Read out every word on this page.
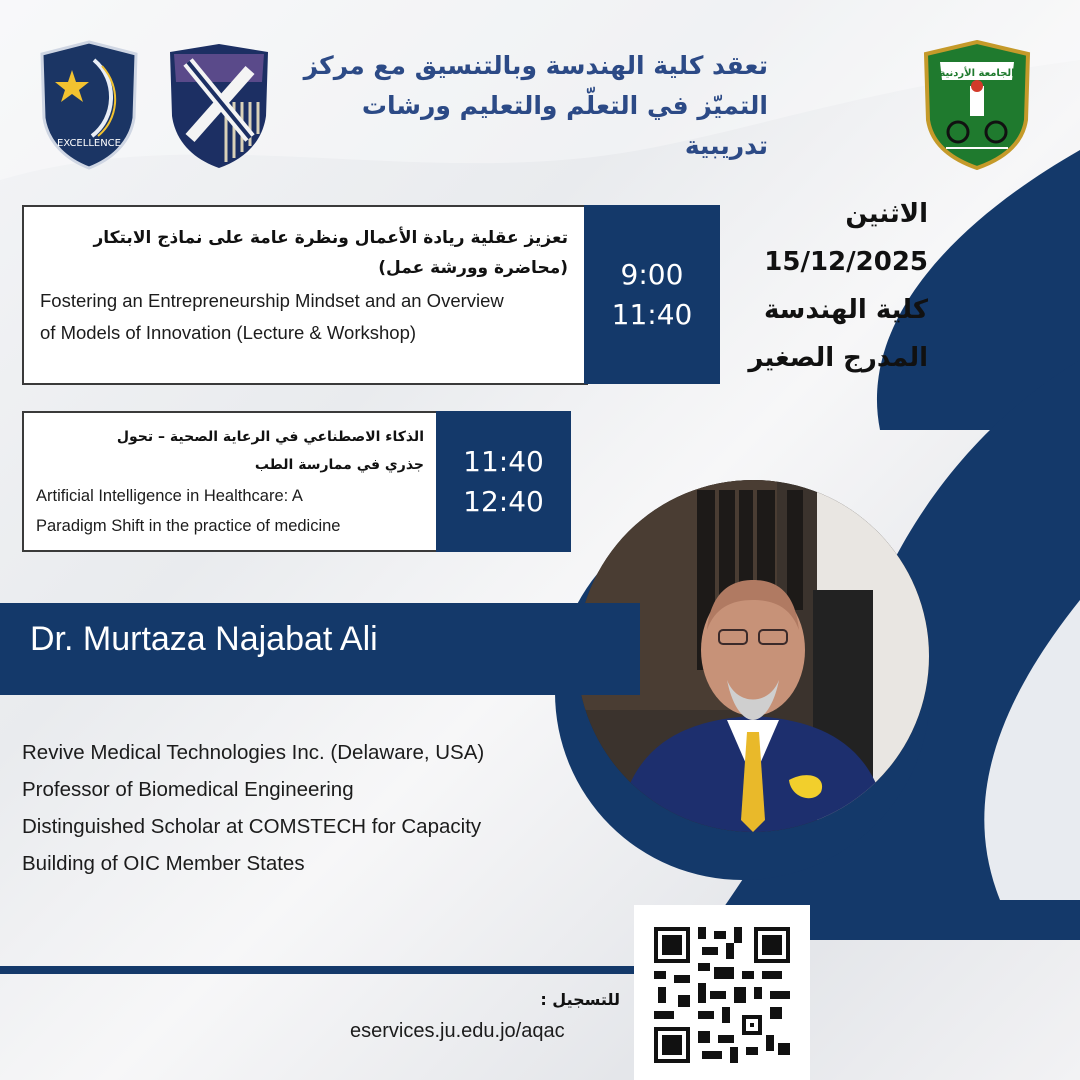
EXCELLENCE
الجامعة الأردنية
تعقد كلية الهندسة وبالتنسيق مع مركز
التميّز في التعلّم والتعليم ورشات تدريبية
الاثنين
15/12/2025
كلية الهندسة
المدرج الصغير
تعزيز عقلية ريادة الأعمال ونظرة عامة على نماذج الابتكار
(محاضرة وورشة عمل)
Fostering an Entrepreneurship Mindset and an Overview
of Models of Innovation (Lecture & Workshop)
9:00
11:40
الذكاء الاصطناعي في الرعاية الصحية – تحول
جذري في ممارسة الطب
Artificial Intelligence in Healthcare: A
Paradigm Shift in the practice of medicine
11:40
12:40
Dr. Murtaza Najabat Ali
Revive Medical Technologies Inc. (Delaware, USA)
Professor of Biomedical Engineering
Distinguished Scholar at COMSTECH for Capacity
Building of OIC Member States
للتسجيل :
eservices.ju.edu.jo/aqac
